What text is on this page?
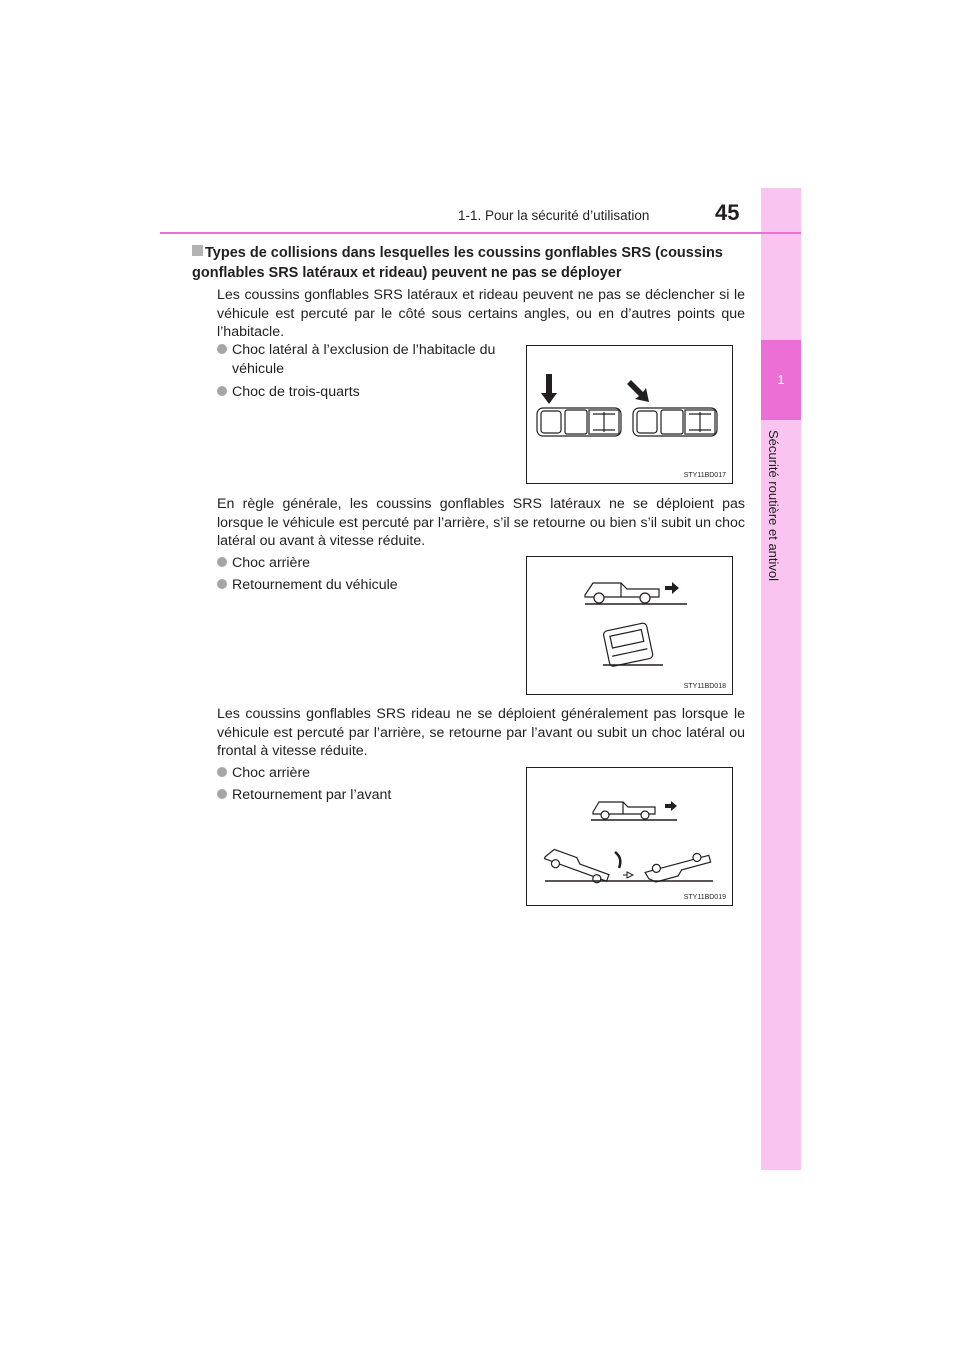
1
Sécurité routière et antivol
1-1. Pour la sécurité d’utilisation	45
Types de collisions dans lesquelles les coussins gonflables SRS (coussins gonflables SRS latéraux et rideau) peuvent ne pas se déployer
Les coussins gonflables SRS latéraux et rideau peuvent ne pas se déclencher si le véhicule est percuté par le côté sous certains angles, ou en d’autres points que l’habitacle.
Choc latéral à l’exclusion de l’habitacle du véhicule
Choc de trois-quarts
STY11BD017
En règle générale, les coussins gonflables SRS latéraux ne se déploient pas lorsque le véhicule est percuté par l’arrière, s’il se retourne ou bien s’il subit un choc latéral ou avant à vitesse réduite.
Choc arrière
Retournement du véhicule
STY11BD018
Les coussins gonflables SRS rideau ne se déploient généralement pas lorsque le véhicule est percuté par l’arrière, se retourne par l’avant ou subit un choc latéral ou frontal à vitesse réduite.
Choc arrière
Retournement par l’avant
STY11BD019
